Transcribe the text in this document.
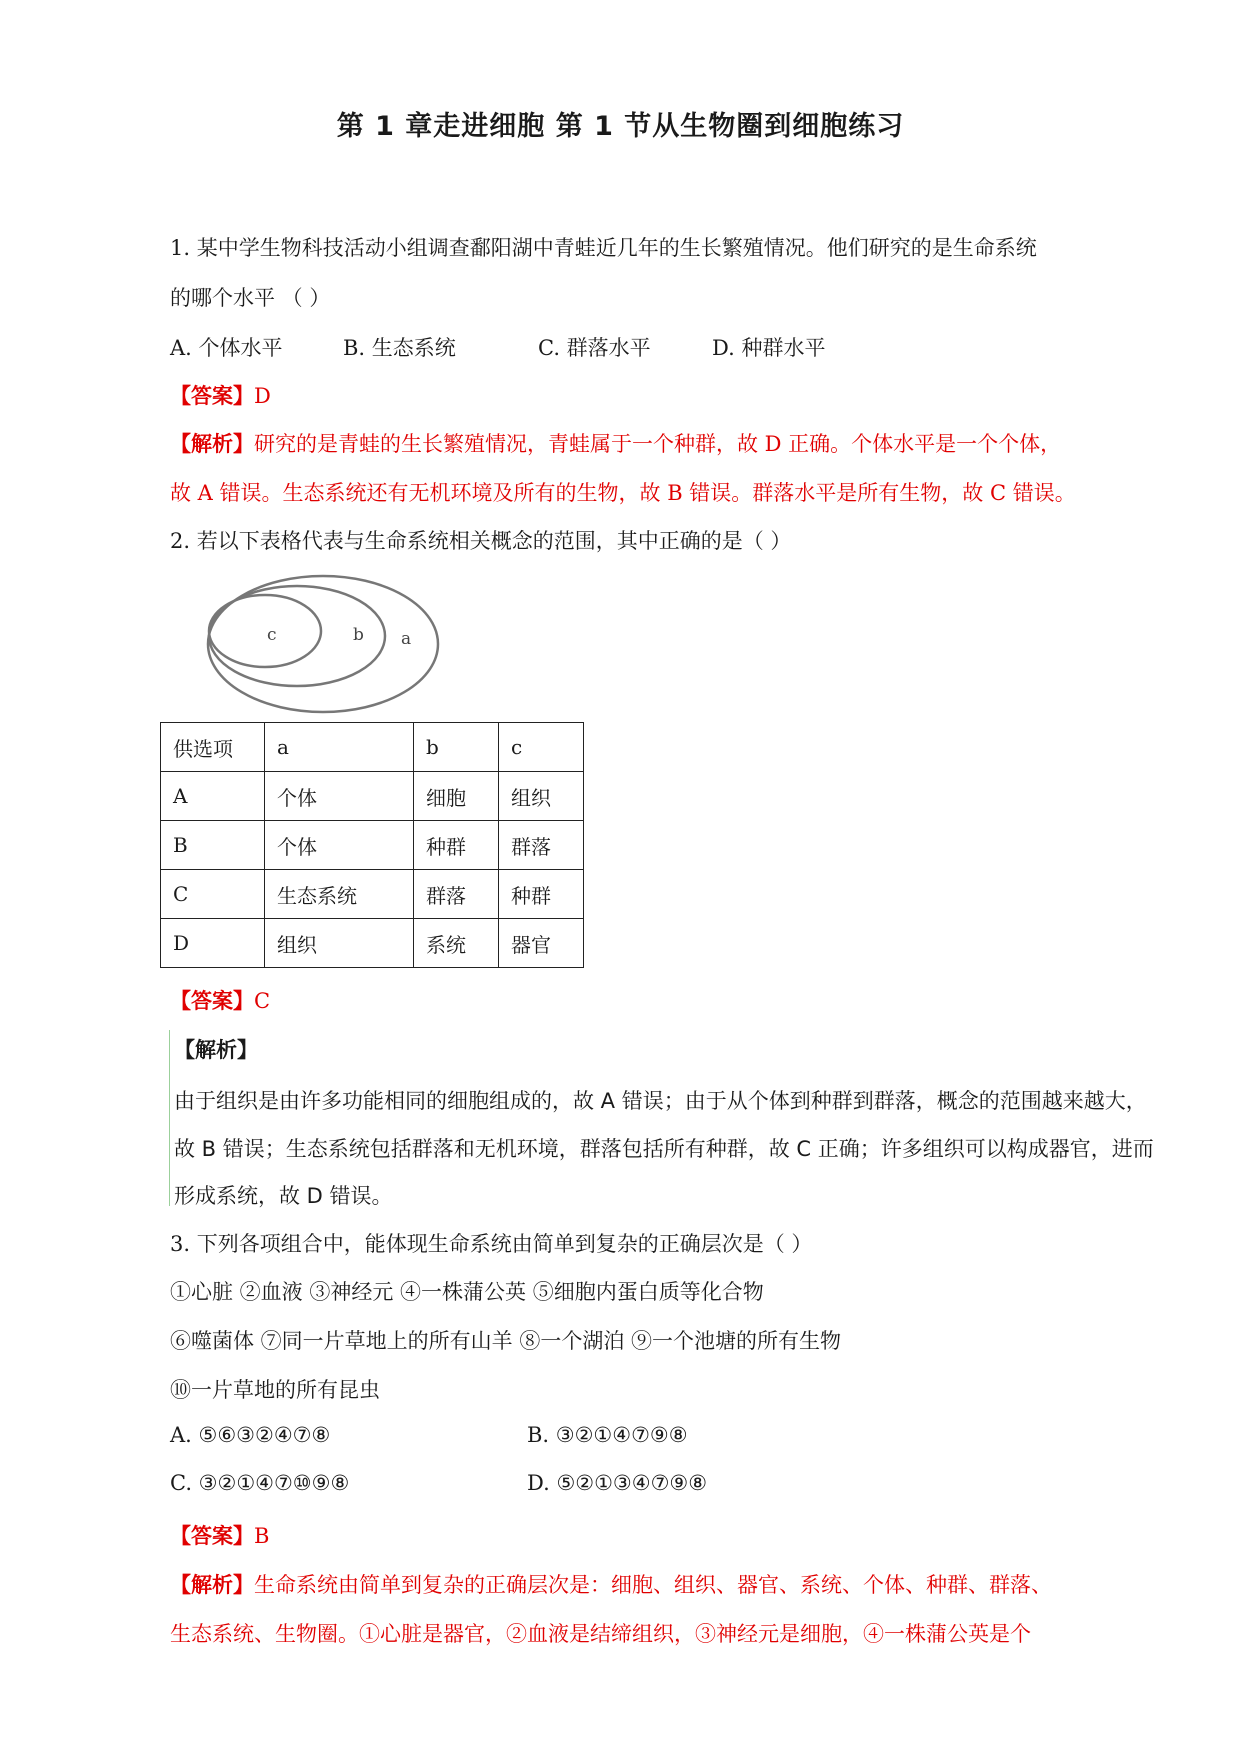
第 1 章走进细胞 第 1 节从生物圈到细胞练习
1. 某中学生物科技活动小组调查鄱阳湖中青蛙近几年的生长繁殖情况。他们研究的是生命系统
的哪个水平 （ ）
A. 个体水平	B. 生态系统	C. 群落水平	D. 种群水平
【答案】D
【解析】研究的是青蛙的生长繁殖情况，青蛙属于一个种群，故 D 正确。个体水平是一个个体，
故 A 错误。生态系统还有无机环境及所有的生物，故 B 错误。群落水平是所有生物，故 C 错误。
2. 若以下表格代表与生命系统相关概念的范围，其中正确的是（ ）
c	b a
供选项	a	b	c
A	个体	细胞	组织
B	个体	种群	群落
C	生态系统	群落	种群
D	组织	系统	器官
【答案】C
【解析】
由于组织是由许多功能相同的细胞组成的，故 A 错误；由于从个体到种群到群落，概念的范围越来越大，
故 B 错误；生态系统包括群落和无机环境，群落包括所有种群，故 C 正确；许多组织可以构成器官，进而
形成系统，故 D 错误。
3. 下列各项组合中，能体现生命系统由简单到复杂的正确层次是（ ）
①心脏 ②血液 ③神经元 ④一株蒲公英 ⑤细胞内蛋白质等化合物
⑥噬菌体 ⑦同一片草地上的所有山羊 ⑧一个湖泊 ⑨一个池塘的所有生物
⑩一片草地的所有昆虫
A. ⑤⑥③②④⑦⑧	B. ③②①④⑦⑨⑧
C. ③②①④⑦⑩⑨⑧	D. ⑤②①③④⑦⑨⑧
【答案】B
【解析】生命系统由简单到复杂的正确层次是：细胞、组织、器官、系统、个体、种群、群落、
生态系统、生物圈。①心脏是器官，②血液是结缔组织，③神经元是细胞，④一株蒲公英是个
